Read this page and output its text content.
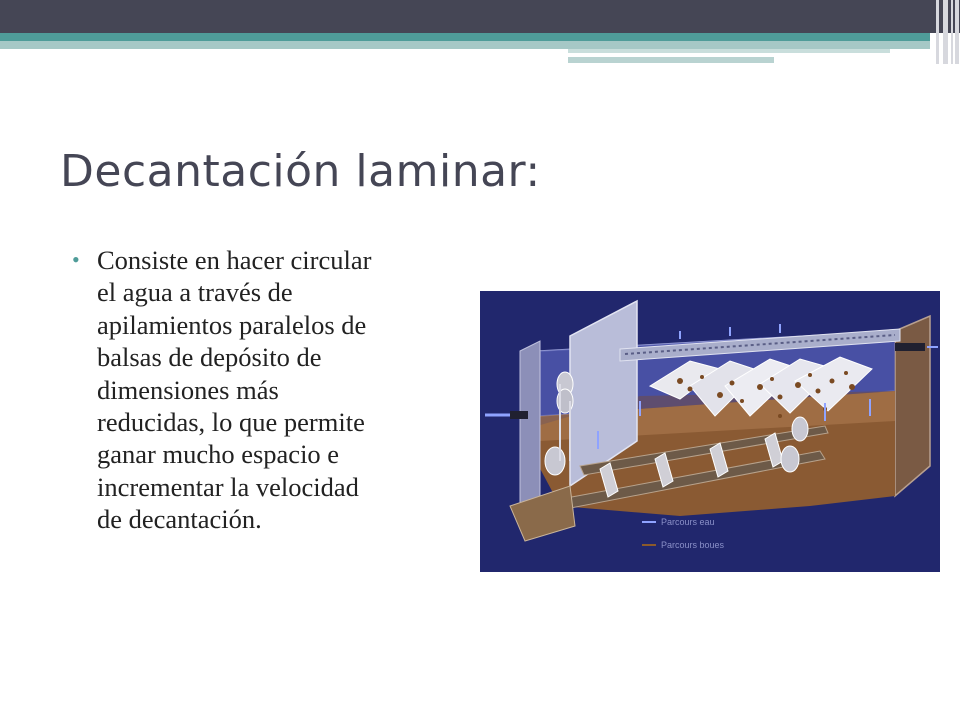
Decantación laminar:
• Consiste en hacer circular
el agua a través de
apilamientos paralelos de
balsas de depósito de
dimensiones más
reducidas, lo que permite
ganar mucho espacio e
incrementar la velocidad
de decantación.	Parcours eau
Parcours boues
